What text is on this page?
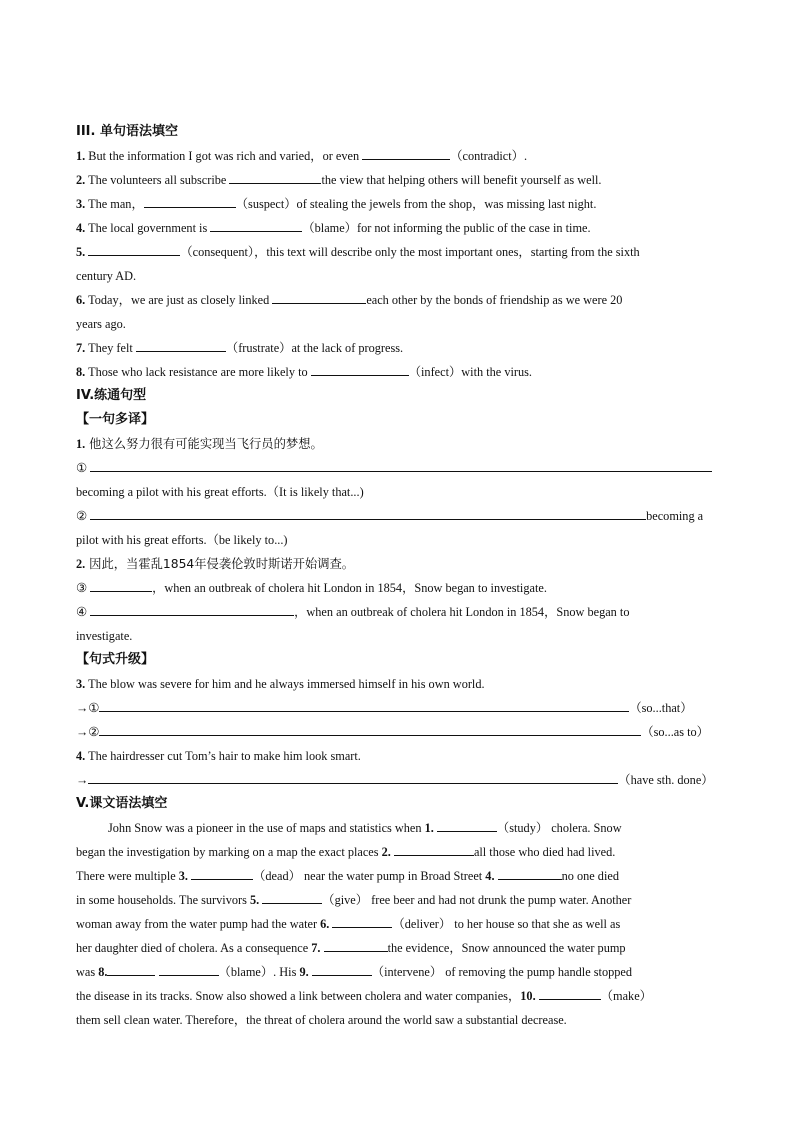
III. 单句语法填空
1. But the information I got was rich and varied，or even	（contradict）.
2. The volunteers all subscribe	the view that helping others will benefit yourself as well.
3. The man，	（suspect）of stealing the jewels from the shop，was missing last night.
4. The local government is	（blame）for not informing the public of the case in time.
5.	（consequent），this text will describe only the most important ones，starting from the sixth
century AD.
6. Today，we are just as closely linked	each other by the bonds of friendship as we were 20
years ago.
7. They felt	（frustrate）at the lack of progress.
8. Those who lack resistance are more likely to	（infect）with the virus.
IV.练通句型
【一句多译】
1. 他这么努力很有可能实现当飞行员的梦想。
①
becoming a pilot with his great efforts.（It is likely that...)
②	becoming a
pilot with his great efforts.（be likely to...)
2. 因此，当霍乱1854年侵袭伦敦时斯诺开始调查。
③	，when an outbreak of cholera hit London in 1854，Snow began to investigate.
④	，when an outbreak of cholera hit London in 1854，Snow began to
investigate.
【句式升级】
3. The blow was severe for him and he always immersed himself in his own world.
→①	（so...that）
→②	（so...as to）
4. The hairdresser cut Tom’s hair to make him look smart.
→	（have sth. done）
V.课文语法填空
John Snow was a pioneer in the use of maps and statistics when 1.	（study） cholera. Snow
began the investigation by marking on a map the exact places 2.	all those who died had lived.
There were multiple 3.	（dead） near the water pump in Broad Street 4.	no one died
in some households. The survivors 5.	（give） free beer and had not drunk the pump water. Another
woman away from the water pump had the water 6.	（deliver） to her house so that she as well as
her daughter died of cholera. As a consequence 7.	the evidence，Snow announced the water pump
was 8.	（blame）. His 9.	（intervene） of removing the pump handle stopped
the disease in its tracks. Snow also showed a link between cholera and water companies，10.	（make）
them sell clean water. Therefore，the threat of cholera around the world saw a substantial decrease.
